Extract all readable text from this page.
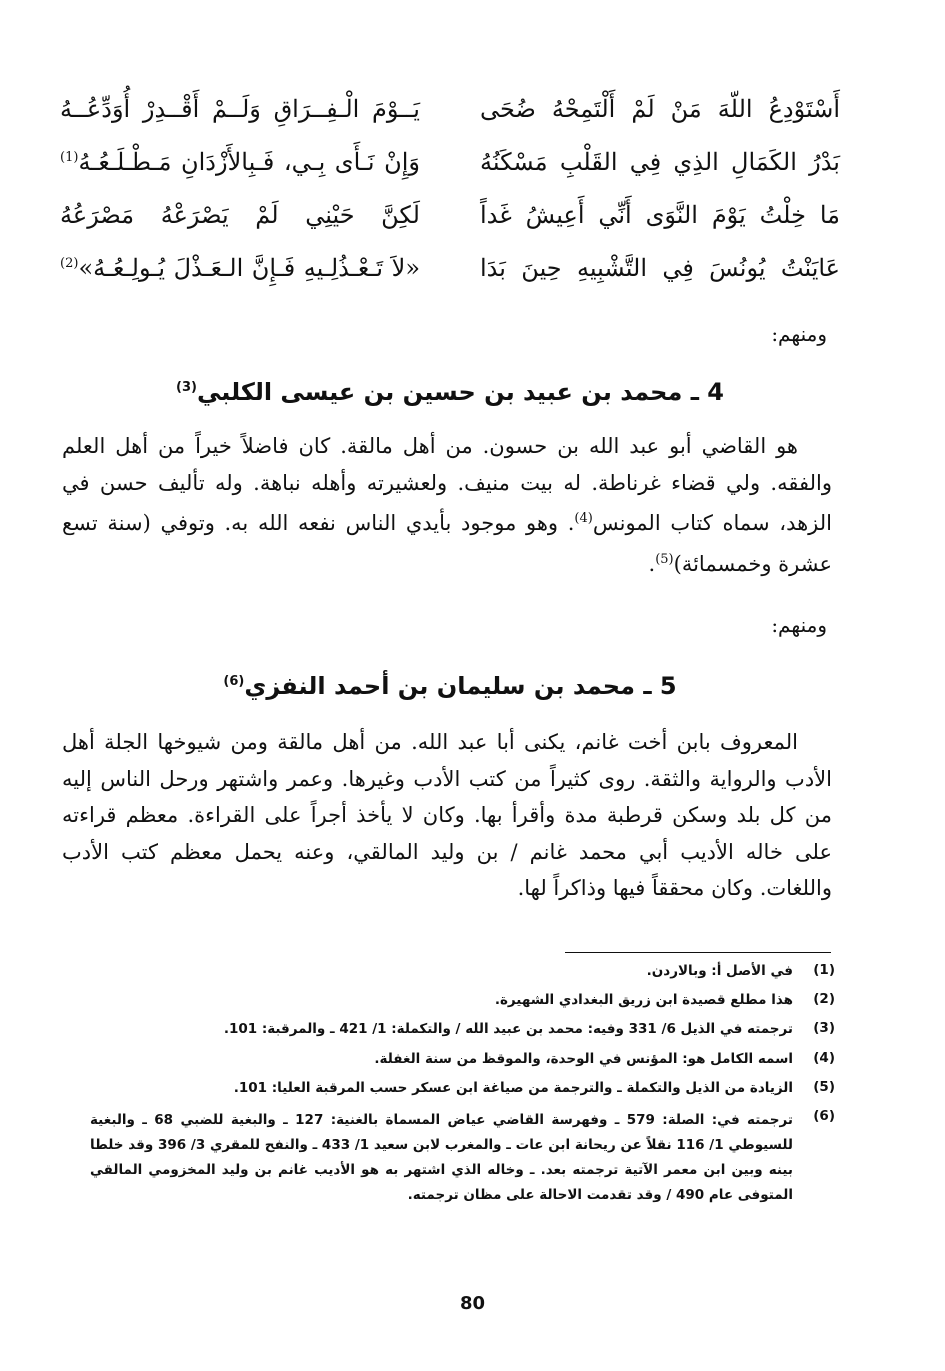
أَسْتَوْدِعُ اللّهَ مَنْ لَمْ أَلْتَمِحْهُ ضُحَى
يَــوْمَ الْـفِــرَاقِ وَلَــمْ أَقْــدِرْ أُوَدِّعُــهُ
بَدْرُ الكَمَالِ الذِي فِي القَلْبِ مَسْكَنُهُ
وَإِنْ نَـأَى بِـي، فَـبِالأَزْدَانِ مَـطْـلَـعُـهُ$^{(1)}$
مَا خِلْتُ يَوْمَ النَّوَى أَنِّي أَعِيشُ غَداً
لَكِنَّ حَيْنِي لَمْ يَصْرَعْهُ مَصْرَعُهُ
عَايَنْتُ يُونُسَ فِي التَّشْبِيهِ حِينَ بَدَا
«لاَ تَـعْـذُلِـيهِ فَـإِنَّ الـعَـذْلَ يُـولِـعُـهُ»$^{(2)}$
ومنهم:
4 ـ محمد بن عبيد بن حسين بن عيسى الكلبي$^{(3)}$
هو القاضي أبو عبد الله بن حسون. من أهل مالقة. كان فاضلاً خيراً من أهل العلم والفقه. ولي قضاء غرناطة. له بيت منيف. ولعشيرته وأهله نباهة. وله تأليف حسن في الزهد، سماه كتاب المونس$^{(4)}$. وهو موجود بأيدي الناس نفعه الله به. وتوفي (سنة تسع عشرة وخمسمائة)$^{(5)}$.
ومنهم:
5 ـ محمد بن سليمان بن أحمد النفزي$^{(6)}$
المعروف بابن أخت غانم، يكنى أبا عبد الله. من أهل مالقة ومن شيوخها الجلة أهل الأدب والرواية والثقة. روى كثيراً من كتب الأدب وغيرها. وعمر واشتهر ورحل الناس إليه من كل بلد وسكن قرطبة مدة وأقرأ بها. وكان لا يأخذ أجراً على القراءة. معظم قراءته على خاله الأديب أبي محمد غانم / بن وليد المالقي، وعنه يحمل معظم كتب الأدب واللغات. وكان محققاً فيها وذاكراً لها.
(1)
في الأصل أ: وبالاردن.
(2)
هذا مطلع قصيدة ابن زريق البغدادي الشهيرة.
(3)
ترجمته في الذيل 6/ 331 وفيه: محمد بن عبيد الله / والتكملة: 1/ 421 ـ والمرقبة: 101.
(4)
اسمه الكامل هو: المؤنس في الوحدة، والموقظ من سنة الغفلة.
(5)
الزيادة من الذيل والتكملة ـ والترجمة من صياغة ابن عسكر حسب المرقبة العليا: 101.
(6)
ترجمته في: الصلة: 579 ـ وفهرسة القاضي عياض المسماة بالغنية: 127 ـ والبغية للضبي 68 ـ والبغية للسيوطي 1/ 116 نقلاً عن ريحانة ابن عات ـ والمغرب لابن سعيد 1/ 433 ـ والنفح للمقري 3/ 396 وقد خلطا بينه وبين ابن معمر الآتية ترجمته بعد. ـ وخاله الذي اشتهر به هو الأديب غانم بن وليد المخزومي المالقي المتوفى عام 490 / وقد تقدمت الاحالة على مظان ترجمته.
80
